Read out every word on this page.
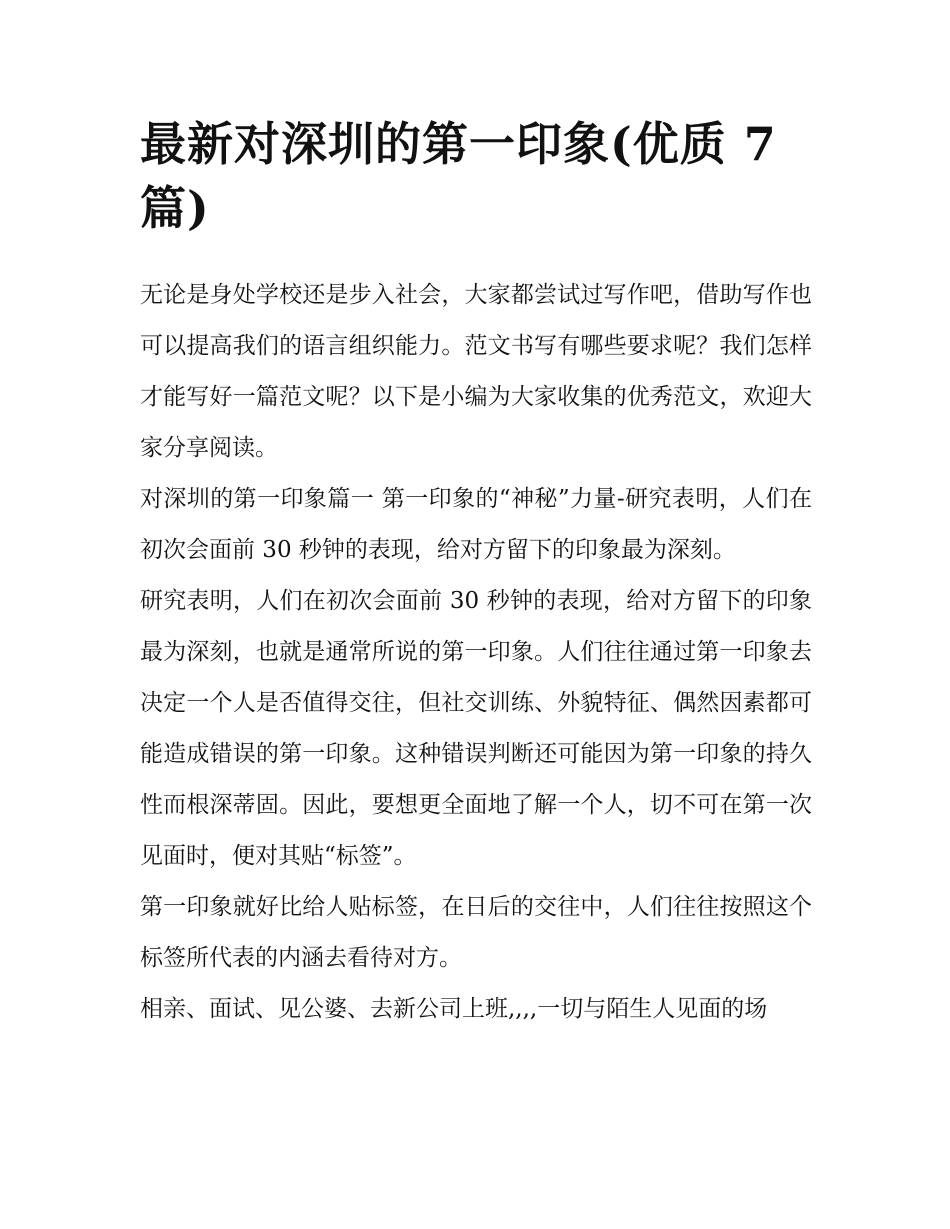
最新对深圳的第一印象(优质 7 篇)

无论是身处学校还是步入社会，大家都尝试过写作吧，借助写作也可以提高我们的语言组织能力。范文书写有哪些要求呢？我们怎样才能写好一篇范文呢？以下是小编为大家收集的优秀范文，欢迎大家分享阅读。

对深圳的第一印象篇一 第一印象的“神秘”力量-研究表明，人们在初次会面前 30 秒钟的表现，给对方留下的印象最为深刻。

研究表明，人们在初次会面前 30 秒钟的表现，给对方留下的印象最为深刻，也就是通常所说的第一印象。人们往往通过第一印象去决定一个人是否值得交往，但社交训练、外貌特征、偶然因素都可能造成错误的第一印象。这种错误判断还可能因为第一印象的持久性而根深蒂固。因此，要想更全面地了解一个人，切不可在第一次见面时，便对其贴“标签”。

第一印象就好比给人贴标签，在日后的交往中，人们往往按照这个标签所代表的内涵去看待对方。

相亲、面试、见公婆、去新公司上班,,,,一切与陌生人见面的场
